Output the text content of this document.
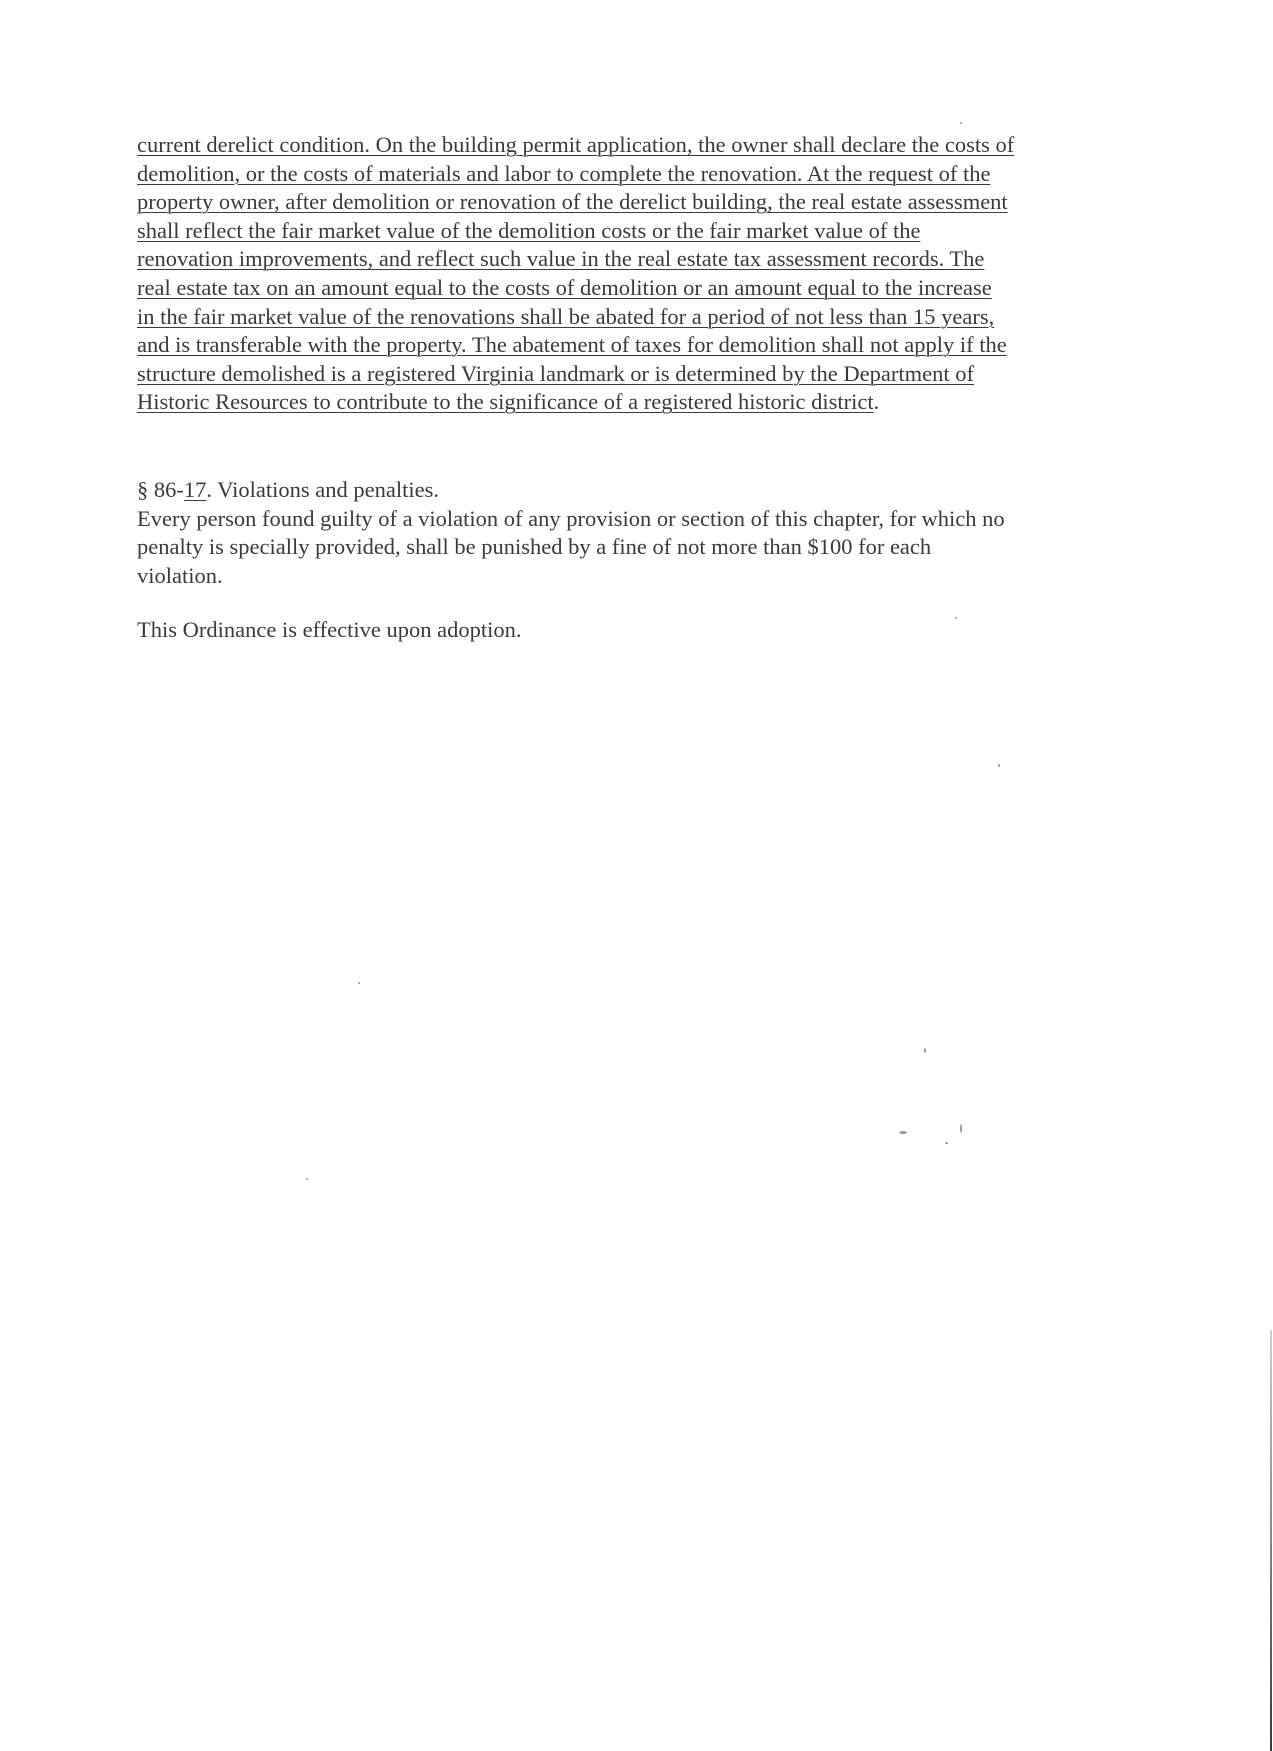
current derelict condition. On the building permit application, the owner shall declare the costs of
demolition, or the costs of materials and labor to complete the renovation. At the request of the
property owner, after demolition or renovation of the derelict building, the real estate assessment
shall reflect the fair market value of the demolition costs or the fair market value of the
renovation improvements, and reflect such value in the real estate tax assessment records. The
real estate tax on an amount equal to the costs of demolition or an amount equal to the increase
in the fair market value of the renovations shall be abated for a period of not less than 15 years,
and is transferable with the property. The abatement of taxes for demolition shall not apply if the
structure demolished is a registered Virginia landmark or is determined by the Department of
Historic Resources to contribute to the significance of a registered historic district.

§ 86-17. Violations and penalties.
Every person found guilty of a violation of any provision or section of this chapter, for which no
penalty is specially provided, shall be punished by a fine of not more than $100 for each
violation.
This Ordinance is effective upon adoption.
